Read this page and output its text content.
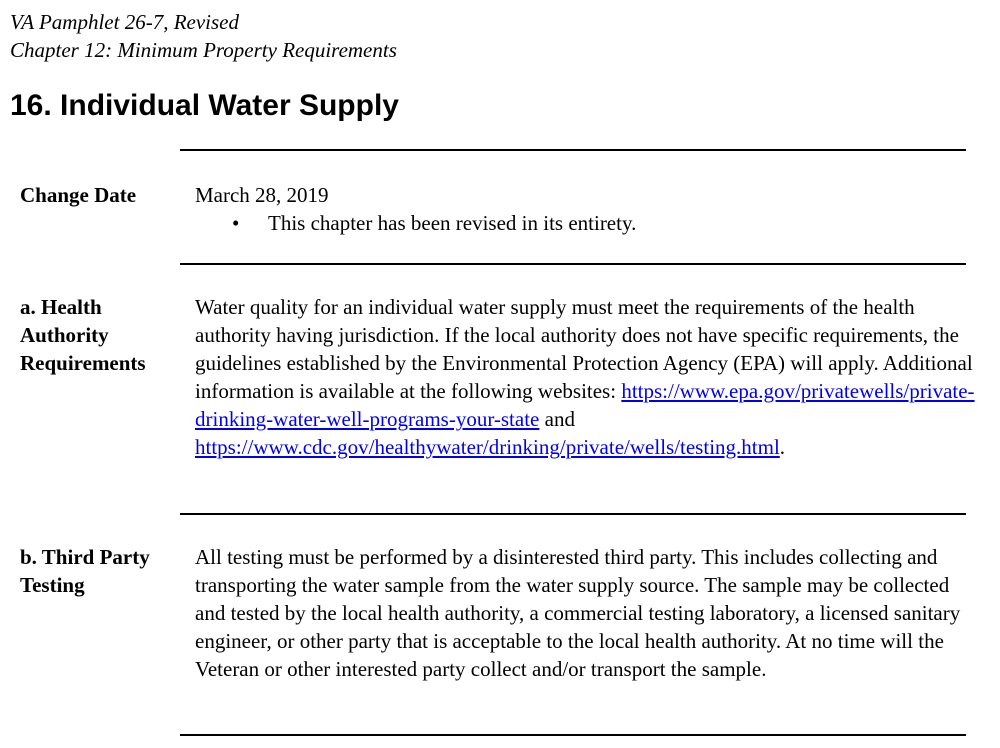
VA Pamphlet 26-7, Revised
Chapter 12: Minimum Property Requirements
16. Individual Water Supply
Change Date	March 28, 2019
• This chapter has been revised in its entirety.
a. Health
Authority
Requirements
Water quality for an individual water supply must meet the requirements of the health authority having jurisdiction. If the local authority does not have specific requirements, the guidelines established by the Environmental Protection Agency (EPA) will apply. Additional information is available at the following websites: https://www.epa.gov/privatewells/private-drinking-water-well-programs-your-state and https://www.cdc.gov/healthywater/drinking/private/wells/testing.html.
b. Third Party
Testing
All testing must be performed by a disinterested third party. This includes collecting and transporting the water sample from the water supply source. The sample may be collected and tested by the local health authority, a commercial testing laboratory, a licensed sanitary engineer, or other party that is acceptable to the local health authority. At no time will the Veteran or other interested party collect and/or transport the sample.
